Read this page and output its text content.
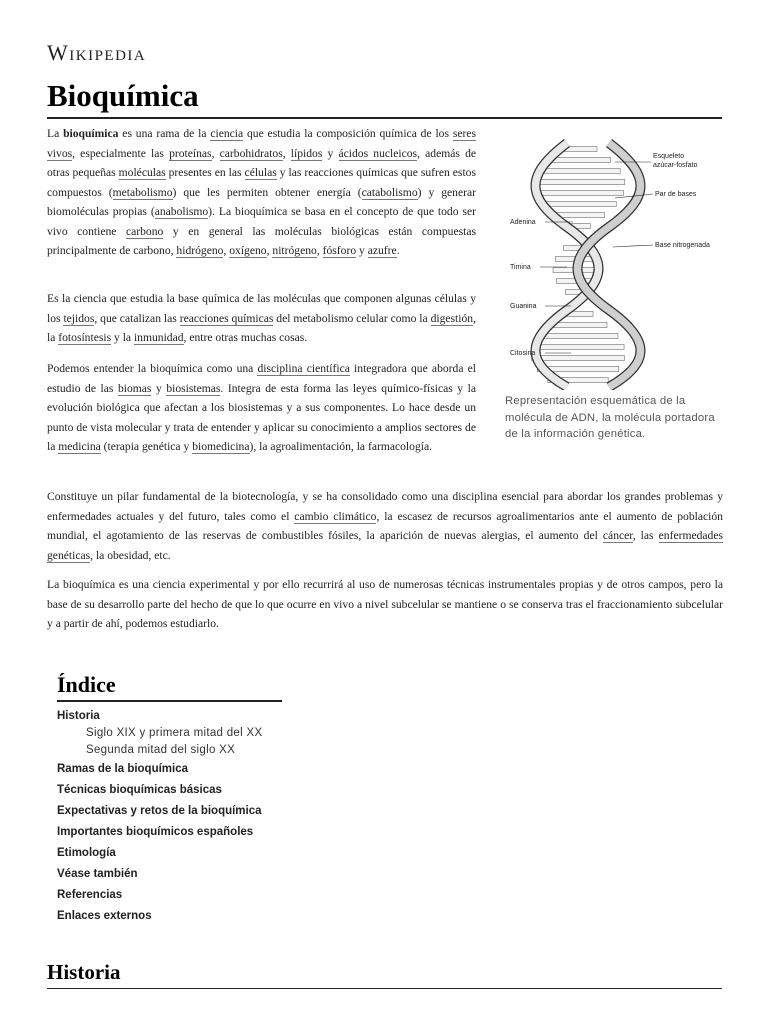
Wikipedia
Bioquímica

La bioquímica es una rama de la ciencia que estudia la composición química de los seres vivos, especialmente las proteínas, carbohidratos, lípidos y ácidos nucleicos, además de otras pequeñas moléculas presentes en las células y las reacciones químicas que sufren estos compuestos (metabolismo) que les permiten obtener energía (catabolismo) y generar biomoléculas propias (anabolismo). La bioquímica se basa en el concepto de que todo ser vivo contiene carbono y en general las moléculas biológicas están compuestas principalmente de carbono, hidrógeno, oxígeno, nitrógeno, fósforo y azufre.

Es la ciencia que estudia la base química de las moléculas que componen algunas células y los tejidos, que catalizan las reacciones químicas del metabolismo celular como la digestión, la fotosíntesis y la inmunidad, entre otras muchas cosas.

Podemos entender la bioquímica como una disciplina científica integradora que aborda el estudio de las biomas y biosistemas. Integra de esta forma las leyes químico-físicas y la evolución biológica que afectan a los biosistemas y a sus componentes. Lo hace desde un punto de vista molecular y trata de entender y aplicar su conocimiento a amplios sectores de la medicina (terapia genética y biomedicina), la agroalimentación, la farmacología.

Constituye un pilar fundamental de la biotecnología, y se ha consolidado como una disciplina esencial para abordar los grandes problemas y enfermedades actuales y del futuro, tales como el cambio climático, la escasez de recursos agroalimentarios ante el aumento de población mundial, el agotamiento de las reservas de combustibles fósiles, la aparición de nuevas alergias, el aumento del cáncer, las enfermedades genéticas, la obesidad, etc.

La bioquímica es una ciencia experimental y por ello recurrirá al uso de numerosas técnicas instrumentales propias y de otros campos, pero la base de su desarrollo parte del hecho de que lo que ocurre en vivo a nivel subcelular se mantiene o se conserva tras el fraccionamiento subcelular y a partir de ahí, podemos estudiarlo.

Esqueleto
azúcar-fosfato
Par de bases
Adenina
Base nitrogenada
Timina
Guanina
Citosina
Representación esquemática de la molécula de ADN, la molécula portadora de la información genética.
Índice
Historia
Siglo XIX y primera mitad del XX
Segunda mitad del siglo XX
Ramas de la bioquímica
Técnicas bioquímicas básicas
Expectativas y retos de la bioquímica
Importantes bioquímicos españoles
Etimología
Véase también
Referencias
Enlaces externos
Historia
